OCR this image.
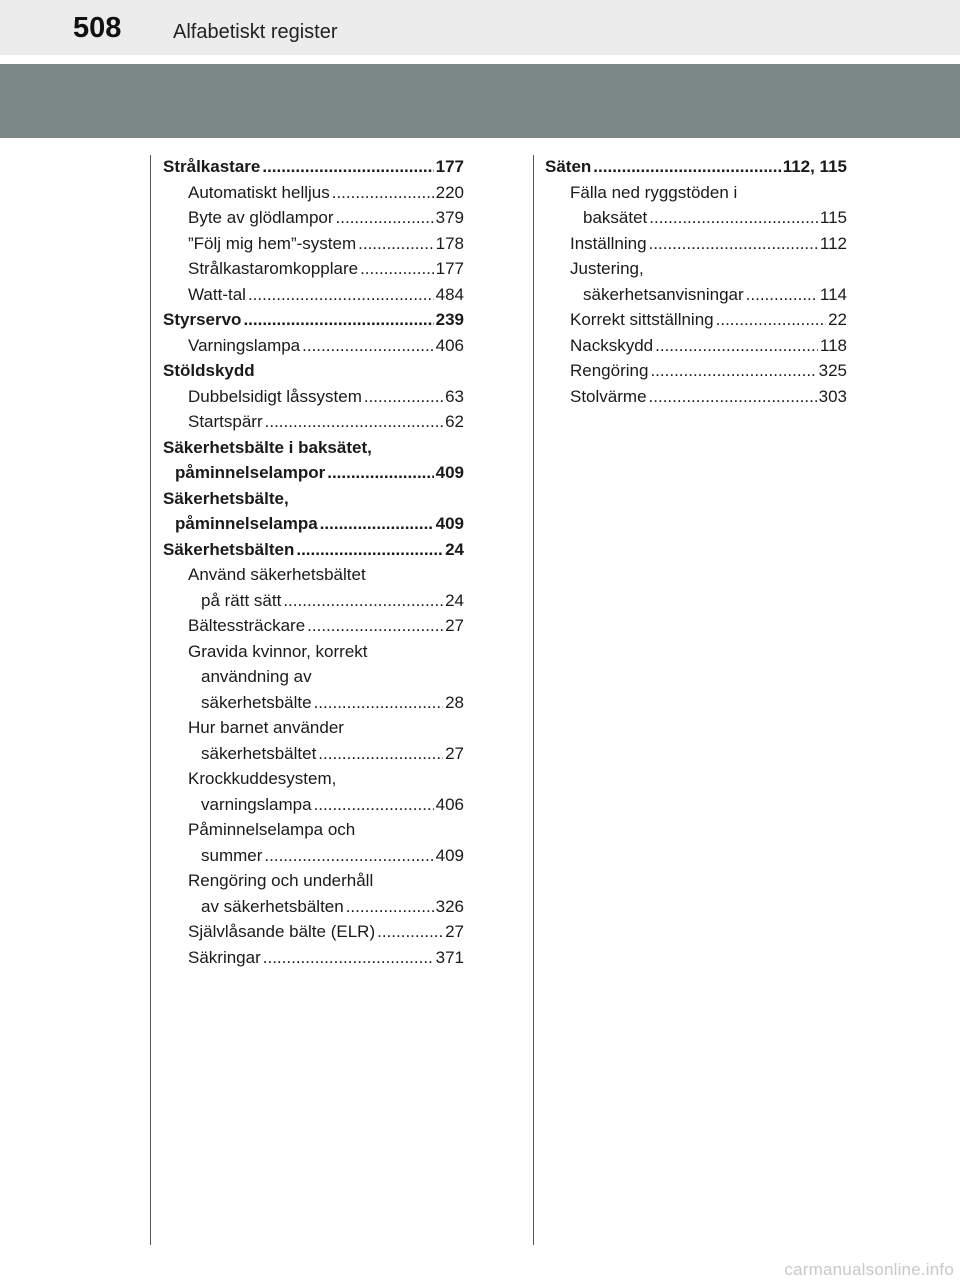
508	Alfabetiskt register
Strålkastare .....	177
Automatiskt helljus .....	220
Byte av glödlampor .....	379
”Följ mig hem”-system .....	178
Strålkastaromkopplare .....	177
Watt-tal .....	484
Styrservo .....	239
Varningslampa .....	406
Stöldskydd
Dubbelsidigt låssystem .....	63
Startspärr .....	62
Säkerhetsbälte i baksätet,
påminnelselampor .....	409
Säkerhetsbälte,
påminnelselampa .....	409
Säkerhetsbälten .....	24
Använd säkerhetsbältet
på rätt sätt .....	24
Bältessträckare .....	27
Gravida kvinnor, korrekt
användning av
säkerhetsbälte .....	28
Hur barnet använder
säkerhetsbältet .....	27
Krockkuddesystem,
varningslampa .....	406
Påminnelselampa och
summer .....	409
Rengöring och underhåll
av säkerhetsbälten .....	326
Självlåsande bälte (ELR) .....	27
Säkringar .....	371
Säten .....	112, 115
Fälla ned ryggstöden i
baksätet .....	115
Inställning .....	112
Justering,
säkerhetsanvisningar .....	114
Korrekt sittställning .....	22
Nackskydd .....	118
Rengöring .....	325
Stolvärme .....	303
carmanualsonline.info
